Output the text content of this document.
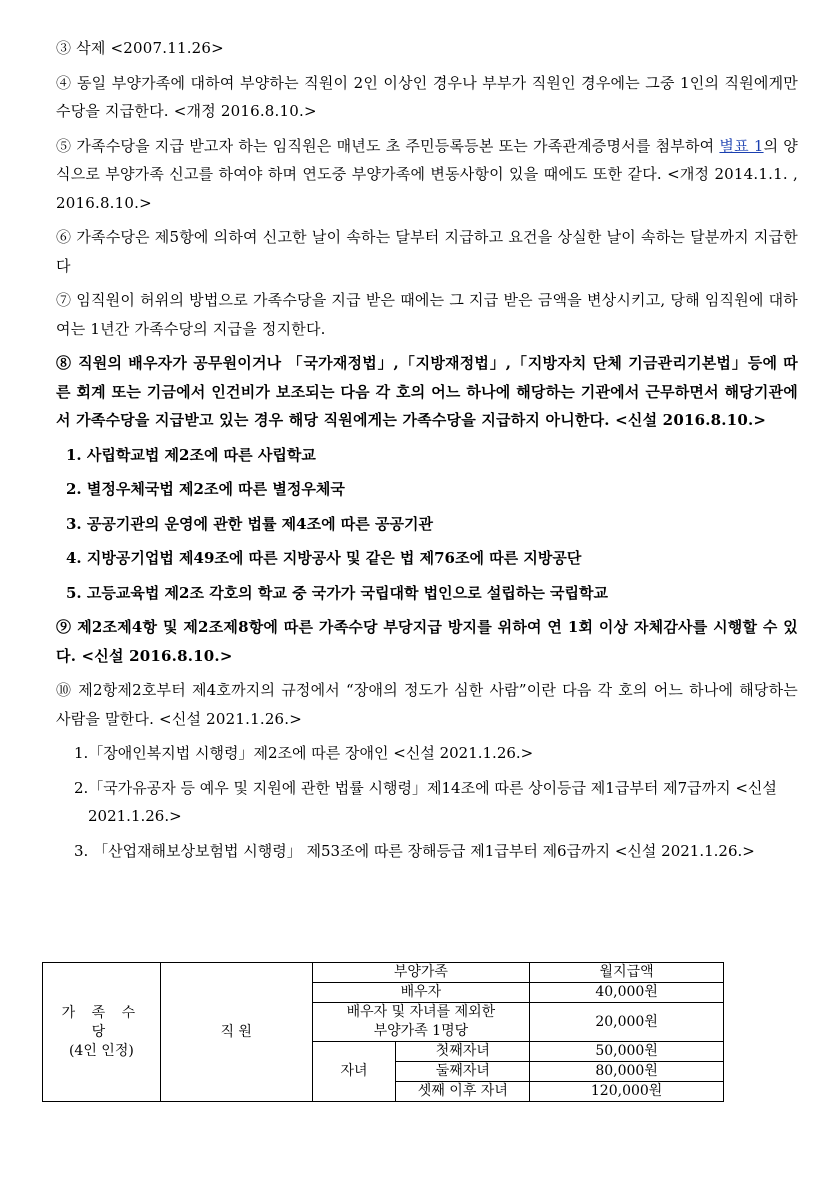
③ 삭제 <2007.11.26>

④ 동일 부양가족에 대하여 부양하는 직원이 2인 이상인 경우나 부부가 직원인 경우에는 그중 1인의 직원에게만 수당을 지급한다. <개정 2016.8.10.>

⑤ 가족수당을 지급 받고자 하는 임직원은 매년도 초 주민등록등본 또는 가족관계증명서를 첨부하여 별표 1의 양식으로 부양가족 신고를 하여야 하며 연도중 부양가족에 변동사항이 있을 때에도 또한 같다. <개정 2014.1.1. , 2016.8.10.>

⑥ 가족수당은 제5항에 의하여 신고한 날이 속하는 달부터 지급하고 요건을 상실한 날이 속하는 달분까지 지급한다

⑦ 임직원이 허위의 방법으로 가족수당을 지급 받은 때에는 그 지급 받은 금액을 변상시키고, 당해 임직원에 대하여는 1년간 가족수당의 지급을 정지한다.

⑧ 직원의 배우자가 공무원이거나 「국가재정법」,「지방재정법」,「지방자치 단체 기금관리기본법」등에 따른 회계 또는 기금에서 인건비가 보조되는 다음 각 호의 어느 하나에 해당하는 기관에서 근무하면서 해당기관에서 가족수당을 지급받고 있는 경우 해당 직원에게는 가족수당을 지급하지 아니한다. <신설 2016.8.10.>

1. 사립학교법 제2조에 따른 사립학교
2. 별정우체국법 제2조에 따른 별정우체국
3. 공공기관의 운영에 관한 법률 제4조에 따른 공공기관
4. 지방공기업법 제49조에 따른 지방공사 및 같은 법 제76조에 따른 지방공단
5. 고등교육법 제2조 각호의 학교 중 국가가 국립대학 법인으로 설립하는 국립학교

⑨ 제2조제4항 및 제2조제8항에 따른 가족수당 부당지급 방지를 위하여 연 1회 이상 자체감사를 시행할 수 있다. <신설 2016.8.10.>

⑩ 제2항제2호부터 제4호까지의 규정에서 “장애의 정도가 심한 사람”이란 다음 각 호의 어느 하나에 해당하는 사람을 말한다. <신설 2021.1.26.>

1.「장애인복지법 시행령」제2조에 따른 장애인 <신설 2021.1.26.>
2.「국가유공자 등 예우 및 지원에 관한 법률 시행령」제14조에 따른 상이등급 제1급부터 제7급까지 <신설 2021.1.26.>
3. 「산업재해보상보험법 시행령」 제53조에 따른 장해등급 제1급부터 제6급까지 <신설 2021.1.26.>
가 족 수 당
(4인 인정)	직 원	부양가족		월지급액
		배우자		40,000원

		배우자 및 자녀를 제외한
부양가족 1명당		20,000원
		자녀	첫째자녀	50,000원
			둘째자녀	80,000원
			셋째 이후 자녀	120,000원
